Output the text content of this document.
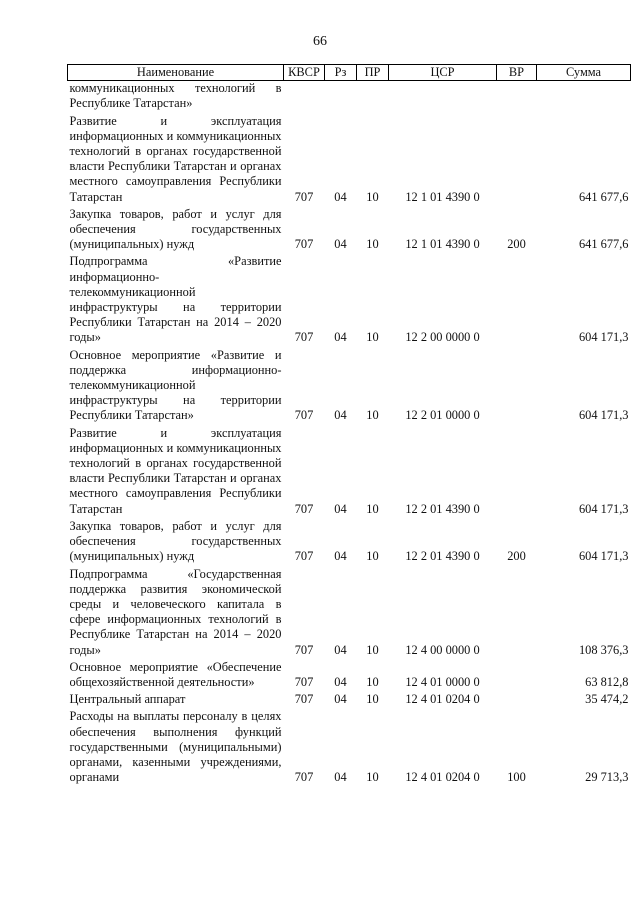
66
Наименование	КВСР	Рз	ПР	ЦСР	ВР	Сумма
коммуникационных технологий в Республике Татарстан»						
Развитие и эксплуатация информационных и коммуникационных технологий в органах государственной власти Республики Татарстан и органах местного самоуправления Республики Татарстан	707	04	10	12 1 01 4390 0		641 677,6
Закупка товаров, работ и услуг для обеспечения государственных (муниципальных) нужд	707	04	10	12 1 01 4390 0	200	641 677,6
Подпрограмма «Развитие информационно-телекоммуникационной инфраструктуры на территории Республики Татарстан на 2014 – 2020 годы»	707	04	10	12 2 00 0000 0		604 171,3
Основное мероприятие «Развитие и поддержка информационно-телекоммуникационной инфраструктуры на территории Республики Татарстан»	707	04	10	12 2 01 0000 0		604 171,3
Развитие и эксплуатация информационных и коммуникационных технологий в органах государственной власти Республики Татарстан и органах местного самоуправления Республики Татарстан	707	04	10	12 2 01 4390 0		604 171,3
Закупка товаров, работ и услуг для обеспечения государственных (муниципальных) нужд	707	04	10	12 2 01 4390 0	200	604 171,3
Подпрограмма «Государственная поддержка развития экономической среды и человеческого капитала в сфере информационных технологий в Республике Татарстан на 2014 – 2020 годы»	707	04	10	12 4 00 0000 0		108 376,3
Основное мероприятие «Обеспечение общехозяйственной деятельности»	707	04	10	12 4 01 0000 0		63 812,8
Центральный аппарат	707	04	10	12 4 01 0204 0		35 474,2
Расходы на выплаты персоналу в целях обеспечения выполнения функций государственными (муниципальными) органами, казенными учреждениями, органами	707	04	10	12 4 01 0204 0	100	29 713,3
